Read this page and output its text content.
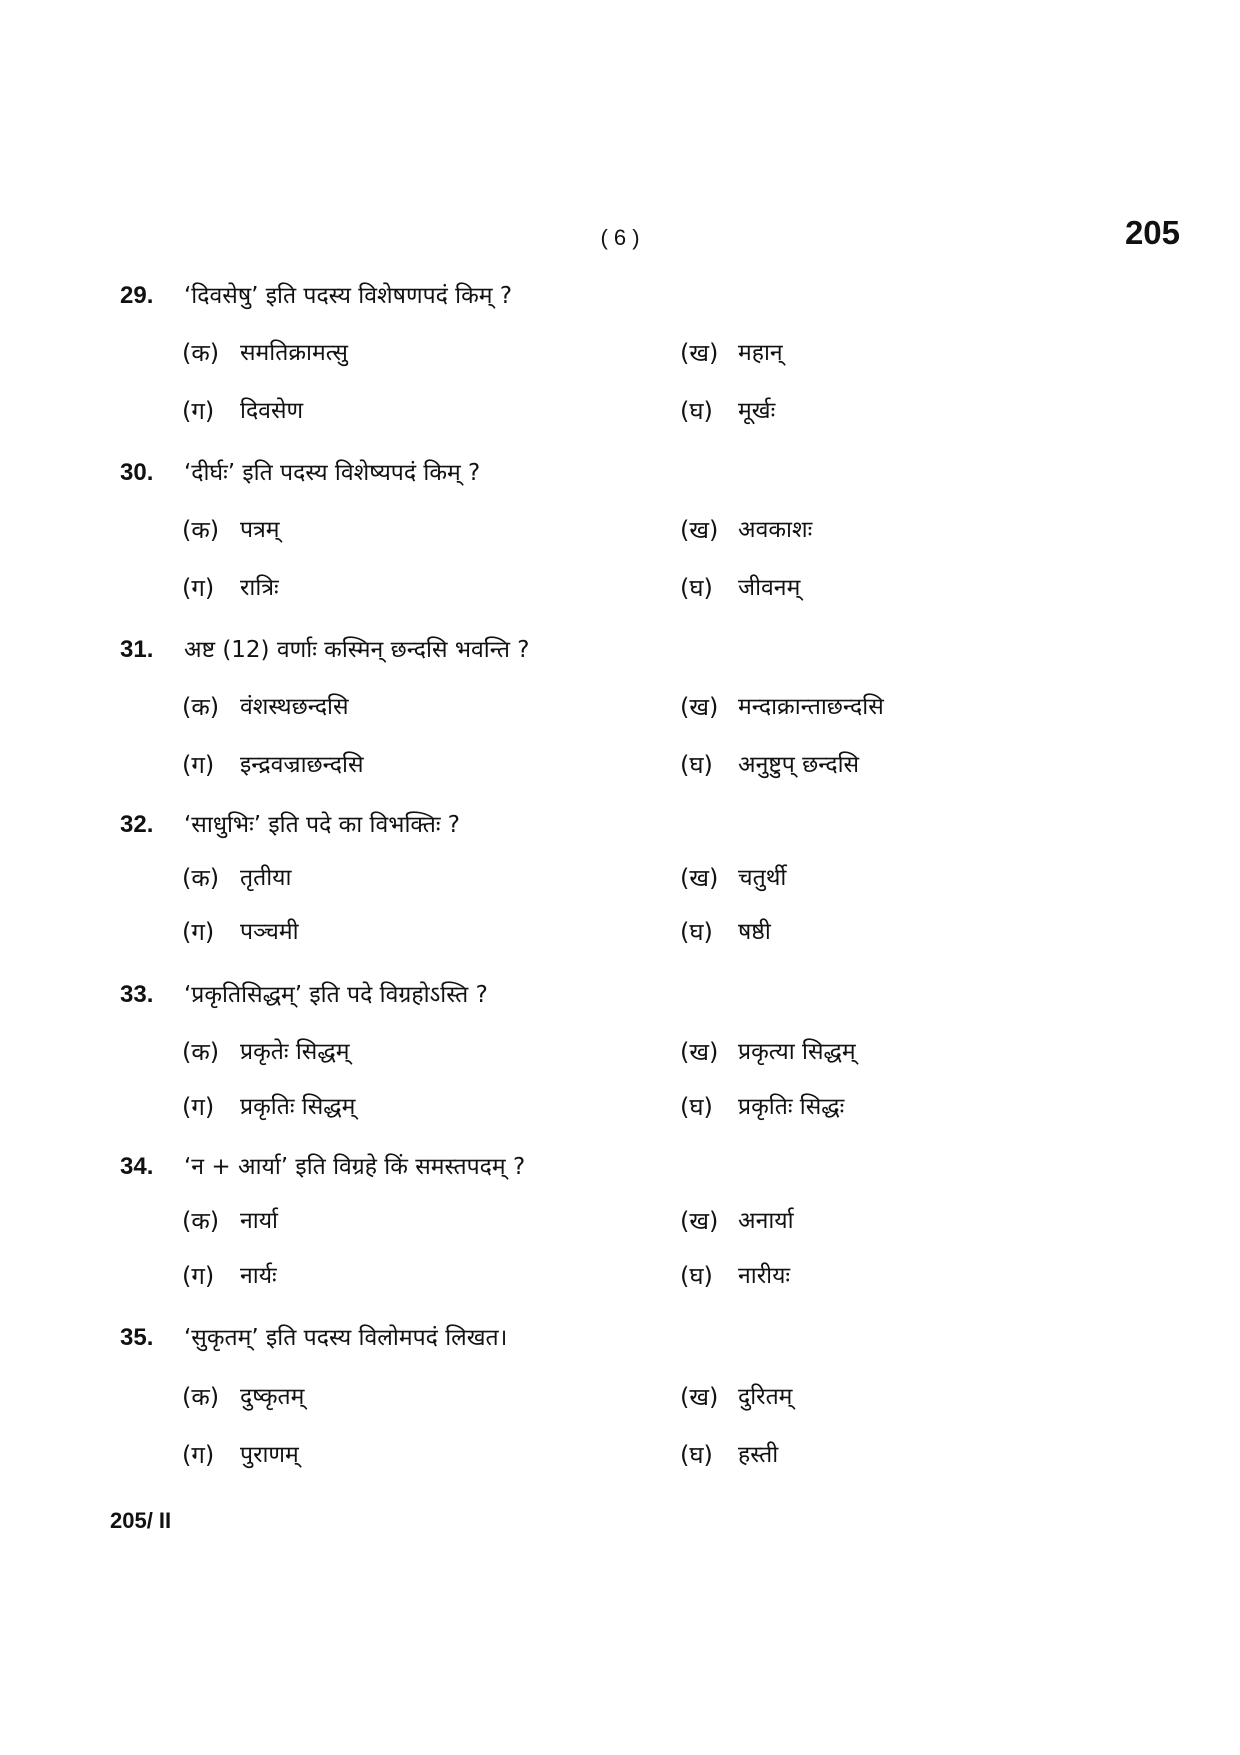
( 6 )	205
29.	‘दिवसेषु’ इति पदस्य विशेषणपदं किम् ?
(क) समतिक्रामत्सु	(ख) महान्
(ग) दिवसेण	(घ) मूर्खः
30.	‘दीर्घः’ इति पदस्य विशेष्यपदं किम् ?
(क) पत्रम्	(ख) अवकाशः
(ग) रात्रिः	(घ) जीवनम्
31.	अष्ट (12) वर्णाः कस्मिन् छन्दसि भवन्ति ?
(क) वंशस्थछन्दसि	(ख) मन्दाक्रान्ताछन्दसि
(ग) इन्द्रवज्राछन्दसि	(घ) अनुष्टुप् छन्दसि
32.	‘साधुभिः’ इति पदे का विभक्तिः ?
(क) तृतीया	(ख) चतुर्थी
(ग) पञ्चमी	(घ) षष्ठी
33.	‘प्रकृतिसिद्धम्’ इति पदे विग्रहोऽस्ति ?
(क) प्रकृतेः सिद्धम्	(ख) प्रकृत्या सिद्धम्
(ग) प्रकृतिः सिद्धम्	(घ) प्रकृतिः सिद्धः
34.	‘न + आर्या’ इति विग्रहे किं समस्तपदम् ?
(क) नार्या	(ख) अनार्या
(ग) नार्यः	(घ) नारीयः
35.	‘सुकृतम्’ इति पदस्य विलोमपदं लिखत।
(क) दुष्कृतम्	(ख) दुरितम्
(ग) पुराणम्	(घ) हस्ती
205/ II
